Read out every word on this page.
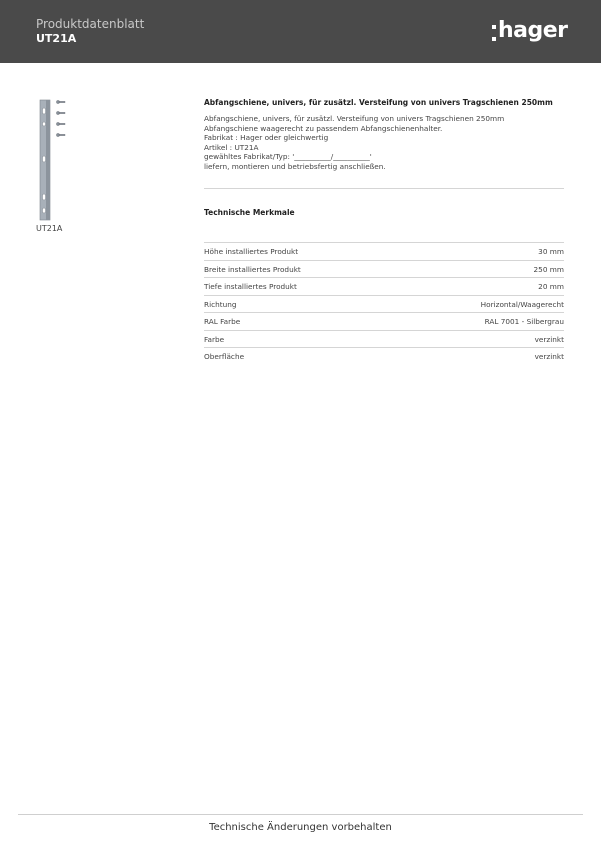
Produktdatenblatt
UT21A	hager
UT21A
Abfangschiene, univers, für zusätzl. Versteifung von univers Tragschienen 250mm
Abfangschiene, univers, für zusätzl. Versteifung von univers Tragschienen 250mm
Abfangschiene waagerecht zu passendem Abfangschienenhalter.
Fabrikat : Hager oder gleichwertig
Artikel : UT21A
gewähltes Fabrikat/Typ: '__________/__________'
liefern, montieren und betriebsfertig anschließen.
Technische Merkmale
Höhe installiertes Produkt	30 mm
Breite installiertes Produkt	250 mm
Tiefe installiertes Produkt	20 mm
Richtung	Horizontal/Waagerecht
RAL Farbe	RAL 7001 - Silbergrau
Farbe	verzinkt
Oberfläche	verzinkt
Technische Änderungen vorbehalten
